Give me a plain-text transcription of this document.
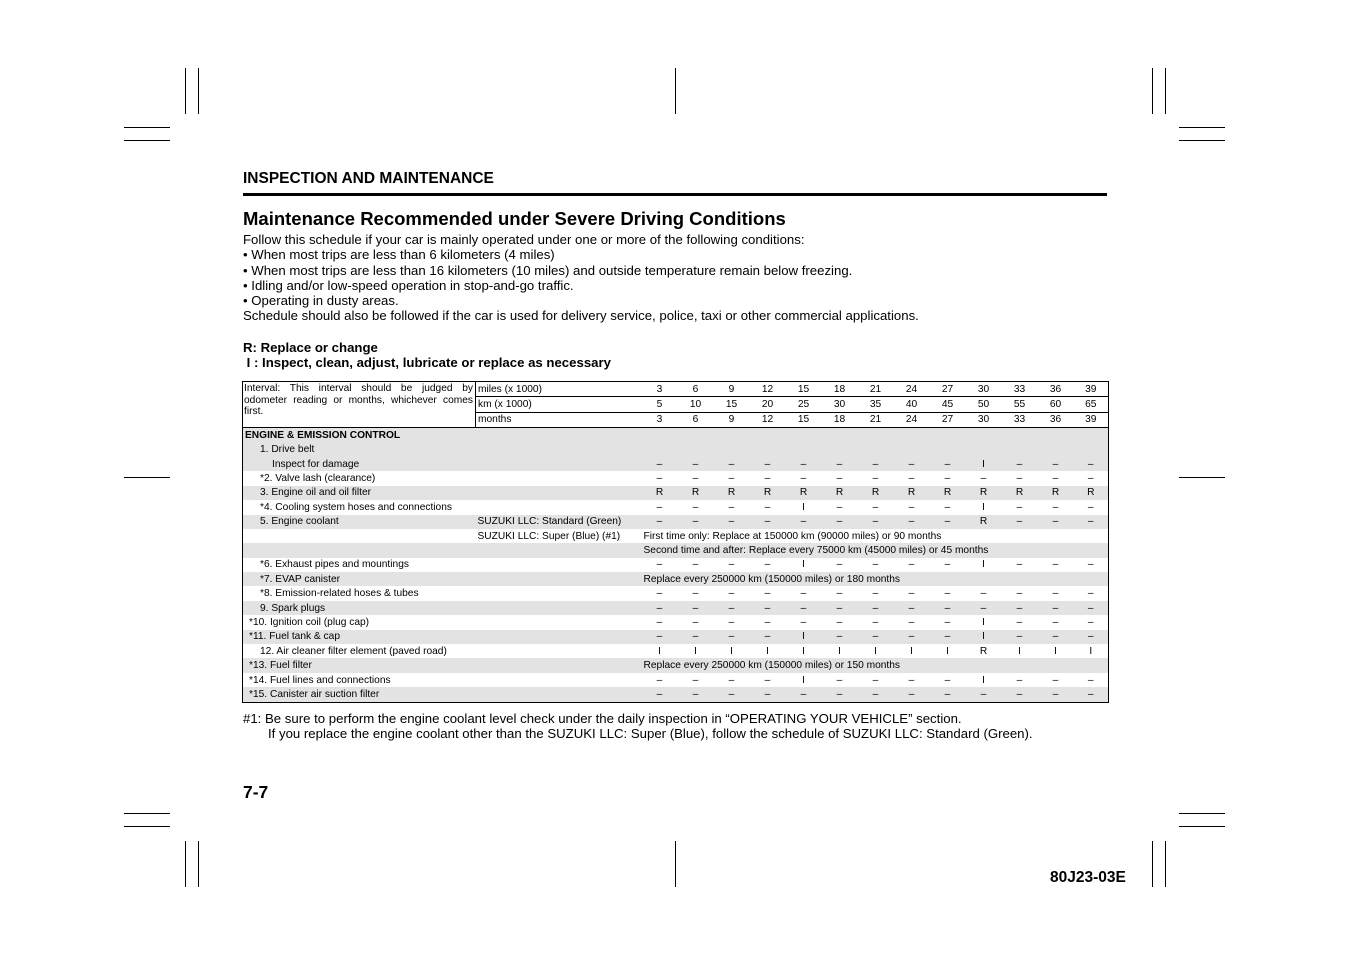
INSPECTION AND MAINTENANCE
Maintenance Recommended under Severe Driving Conditions
Follow this schedule if your car is mainly operated under one or more of the following conditions:
• When most trips are less than 6 kilometers (4 miles)
• When most trips are less than 16 kilometers (10 miles) and outside temperature remain below freezing.
• Idling and/or low-speed operation in stop-and-go traffic.
• Operating in dusty areas.
Schedule should also be followed if the car is used for delivery service, police, taxi or other commercial applications.
R: Replace or change
I : Inspect, clean, adjust, lubricate or replace as necessary
Interval: This interval should be judged by odometer reading or months, whichever comes first.	miles (x 1000)	3	6	9	12	15	18	21	24	27	30	33	36	39
	km (x 1000)	5	10	15	20	25	30	35	40	45	50	55	60	65
	months	3	6	9	12	15	18	21	24	27	30	33	36	39
ENGINE & EMISSION CONTROL														
1. Drive belt														
Inspect for damage		–	–	–	–	–	–	–	–	–	I	–	–	–
*2. Valve lash (clearance)		–	–	–	–	–	–	–	–	–	–	–	–	–
3. Engine oil and oil filter		R	R	R	R	R	R	R	R	R	R	R	R	R
*4. Cooling system hoses and connections		–	–	–	–	I	–	–	–	–	I	–	–	–
5. Engine coolant	SUZUKI LLC: Standard (Green)	–	–	–	–	–	–	–	–	–	R	–	–	–
	SUZUKI LLC: Super (Blue) (#1)	First time only: Replace at 150000 km (90000 miles) or 90 months												
		Second time and after: Replace every 75000 km (45000 miles) or 45 months												
*6. Exhaust pipes and mountings		–	–	–	–	I	–	–	–	–	I	–	–	–
*7. EVAP canister		Replace every 250000 km (150000 miles) or 180 months												
*8. Emission-related hoses & tubes		–	–	–	–	–	–	–	–	–	–	–	–	–
9. Spark plugs		–	–	–	–	–	–	–	–	–	–	–	–	–
*10. Ignition coil (plug cap)		–	–	–	–	–	–	–	–	–	I	–	–	–
*11. Fuel tank & cap		–	–	–	–	I	–	–	–	–	I	–	–	–
12. Air cleaner filter element (paved road)		I	I	I	I	I	I	I	I	I	R	I	I	I
*13. Fuel filter		Replace every 250000 km (150000 miles) or 150 months												
*14. Fuel lines and connections		–	–	–	–	I	–	–	–	–	I	–	–	–
*15. Canister air suction filter		–	–	–	–	–	–	–	–	–	–	–	–	–
#1: Be sure to perform the engine coolant level check under the daily inspection in “OPERATING YOUR VEHICLE” section.
If you replace the engine coolant other than the SUZUKI LLC: Super (Blue), follow the schedule of SUZUKI LLC: Standard (Green).
7-7
80J23-03E
